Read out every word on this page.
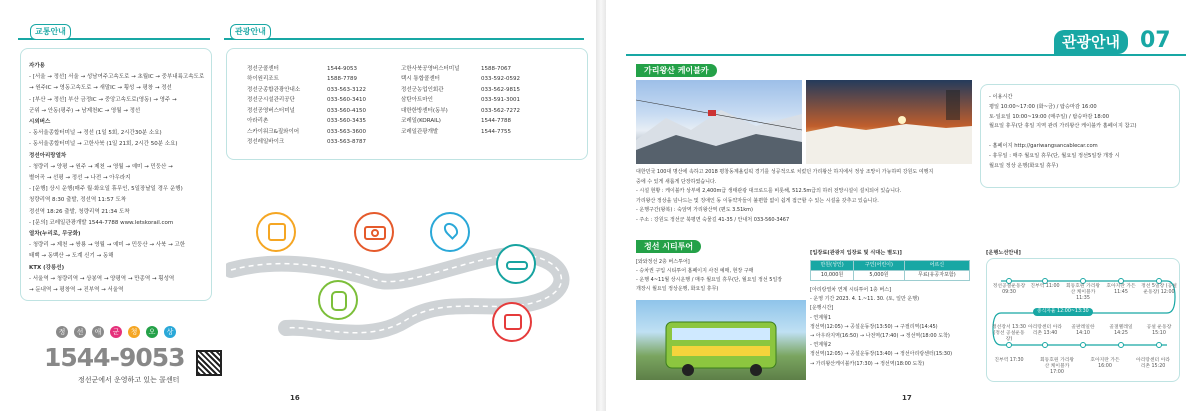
교통안내
자가용
- [서울 → 정선] 서울 → 성남여주고속도로 → 초월IC → 중부내륙고속도로
→ 원주IC → 영동고속도로 → 새말IC → 횡성 → 평창 → 정선
- [부산 → 정선] 부산 금정IC → 중앙고속도로(영동) → 영주 →
군위 → 안동(평주) → 남제천IC → 영월 → 정선
시외버스
- 동서울종합터미널 → 정선 (1일 5회, 2시간30분 소요)
- 동서울종합터미널 → 고한사북 (1일 21회, 2시간 50분 소요)
정선아리랑열차
- 청량리 → 양평 → 원주 → 제천 → 영월 → 예미 → 민둥산 →
별어곡 → 선평 → 정선 → 나전 → 아우라지
- [운행] 상시 운행(매주 월·화요일 휴무인, 5일장날일 경우 운행)
청량리역 8:30 출발, 정선역 11:57 도착
정선역 18:26 출발, 청량리역 21:34 도착
- [문의] 코레일관광개발 1544-7788 www.letskorail.com
열차(누리로, 무궁화)
- 청량리 → 제천 → 쌍룡 → 영월 → 예미 → 민둥산 → 사북 → 고한
태백 → 동백산 → 도계 신기 → 동해
KTX (강릉선)
- 서울역 → 청량리역 → 상봉역 → 양평역 → 만종역 → 횡성역
→ 둔내역 → 평창역 → 진부역 → 서울역
정	선	애	군	청	오	상
1544-9053
정선군에서 운영하고 있는 콜센터
관광안내
정선군콜센터	1544-9053
하이원리조트	1588-7789
정선군종합관광안내소	033-563-3122
정선군시설관리공단	033-560-3410
정선공영버스터미널	033-560-4150
아라리촌	033-560-3435
스카이워크&짚와이어	033-563-3600
정선레일바이크	033-563-8787
고한사북공영버스터미널	1588-7067
택시 통합콜센터	033-592-0592
정선군농업인회관	033-562-9815
삼탄아트마인	033-591-3001
대한한방센터(동부)	033-562-7272
코레일(KORAIL)	1544-7788
코레일관광개발	1544-7755
16
관광안내 07
가리왕산 케이블카
대한민국 100대 명산에 속하고 2018 평창동계올림픽 경기를 성공적으로 치렀던 가리왕산 하지에서 정상 조망이 가능하며 강원도 여행지
중에 수 있게 새롭게 단장하였습니다.
- 시설 현황 : 케이블카 상부에 2,400m급 생태관광 대크로드를 비롯해, 512.5m급의 하러 전망시설이 설치되어 있습니다.
가리왕산 정상을 넘나드는 및 징애인 동 이동약자들이 불편함 없이 쉽게 접근할 수 있는 시설을 갖추고 있습니다.
- 운행구간(왕복) : 숙암역 가리왕산역 (편도 3.51km)
- 주소 : 강원도 정선군 북평면 숙물길 41-35 / 안내처 033-560-3467
- 이용시간
평일 10:00~17:00 (화~금) / 탑승마감 16:00
토·일요일 10:00~19:00 (매주일) / 탑승마감 18:00
월요일 휴무(단 휴일 지역 관리 가리왕산 케이블카 홈페이지 참고)
- 홈페이지 http://gariwangsancablecar.com
- 휴무일 : 매주 월요일 휴무(단, 월요일 정선5일장 개장 시
월요일 정상 운행(화요일 휴무)
정선 시티투어
[와와정선 2층 버스투어]
- 승차권 구입 시티투어 홈페이지 사전 예매, 현장 구매
- 운행 4~11월 상시운행 / 매주 월요일 휴무(단, 월요일 정선 5일장
개장시 월요일 정상운행, 화요일 휴무)
[입장료(관광지 입장료 및 식대는 별도)]
만원(성인)	구인(어린이)	어르신
10,000원	5,000원	무료(유공자포함)
[아리랑열차 연계 시티투어 1층 버스]
- 운영 기간 2023. 4. 1.~11. 30. (토, 일만 운행)
[운행시간]
- 연계형1
정선역(12:05) → 공설운동장(13:50) → 구절리역(14:45)
→ 아우라지역(16:50) → 나전역(17:40) → 정선역(18:00 도착)
- 연계형2
정선역(12:05) → 공설운동장(13:40) → 정선아리랑센터(15:30)
→ 가리왕산케이블카(17:30) → 정선역(18:00 도착)
[운행노선안내]
중식자율 12:00~13:30
정선공설운동장 09:30
진부역 11:00	회동호원 가리왕산 케이블카 11:35
호아지란 가든 11:45
정선 5일장 (공설운동장) 12:00
정선장서 13:30 (정선 공설운동장)
아리랑센터 아라리촌 13:40
골판레일한 14:10
골절렐레일 14:25
공설 운동장 15:10
진부역 17:30	회동호원 가리왕산 케이블카 17:00
호아지란 가든 16:00
아리랑센터 아라리촌 15:20
17
